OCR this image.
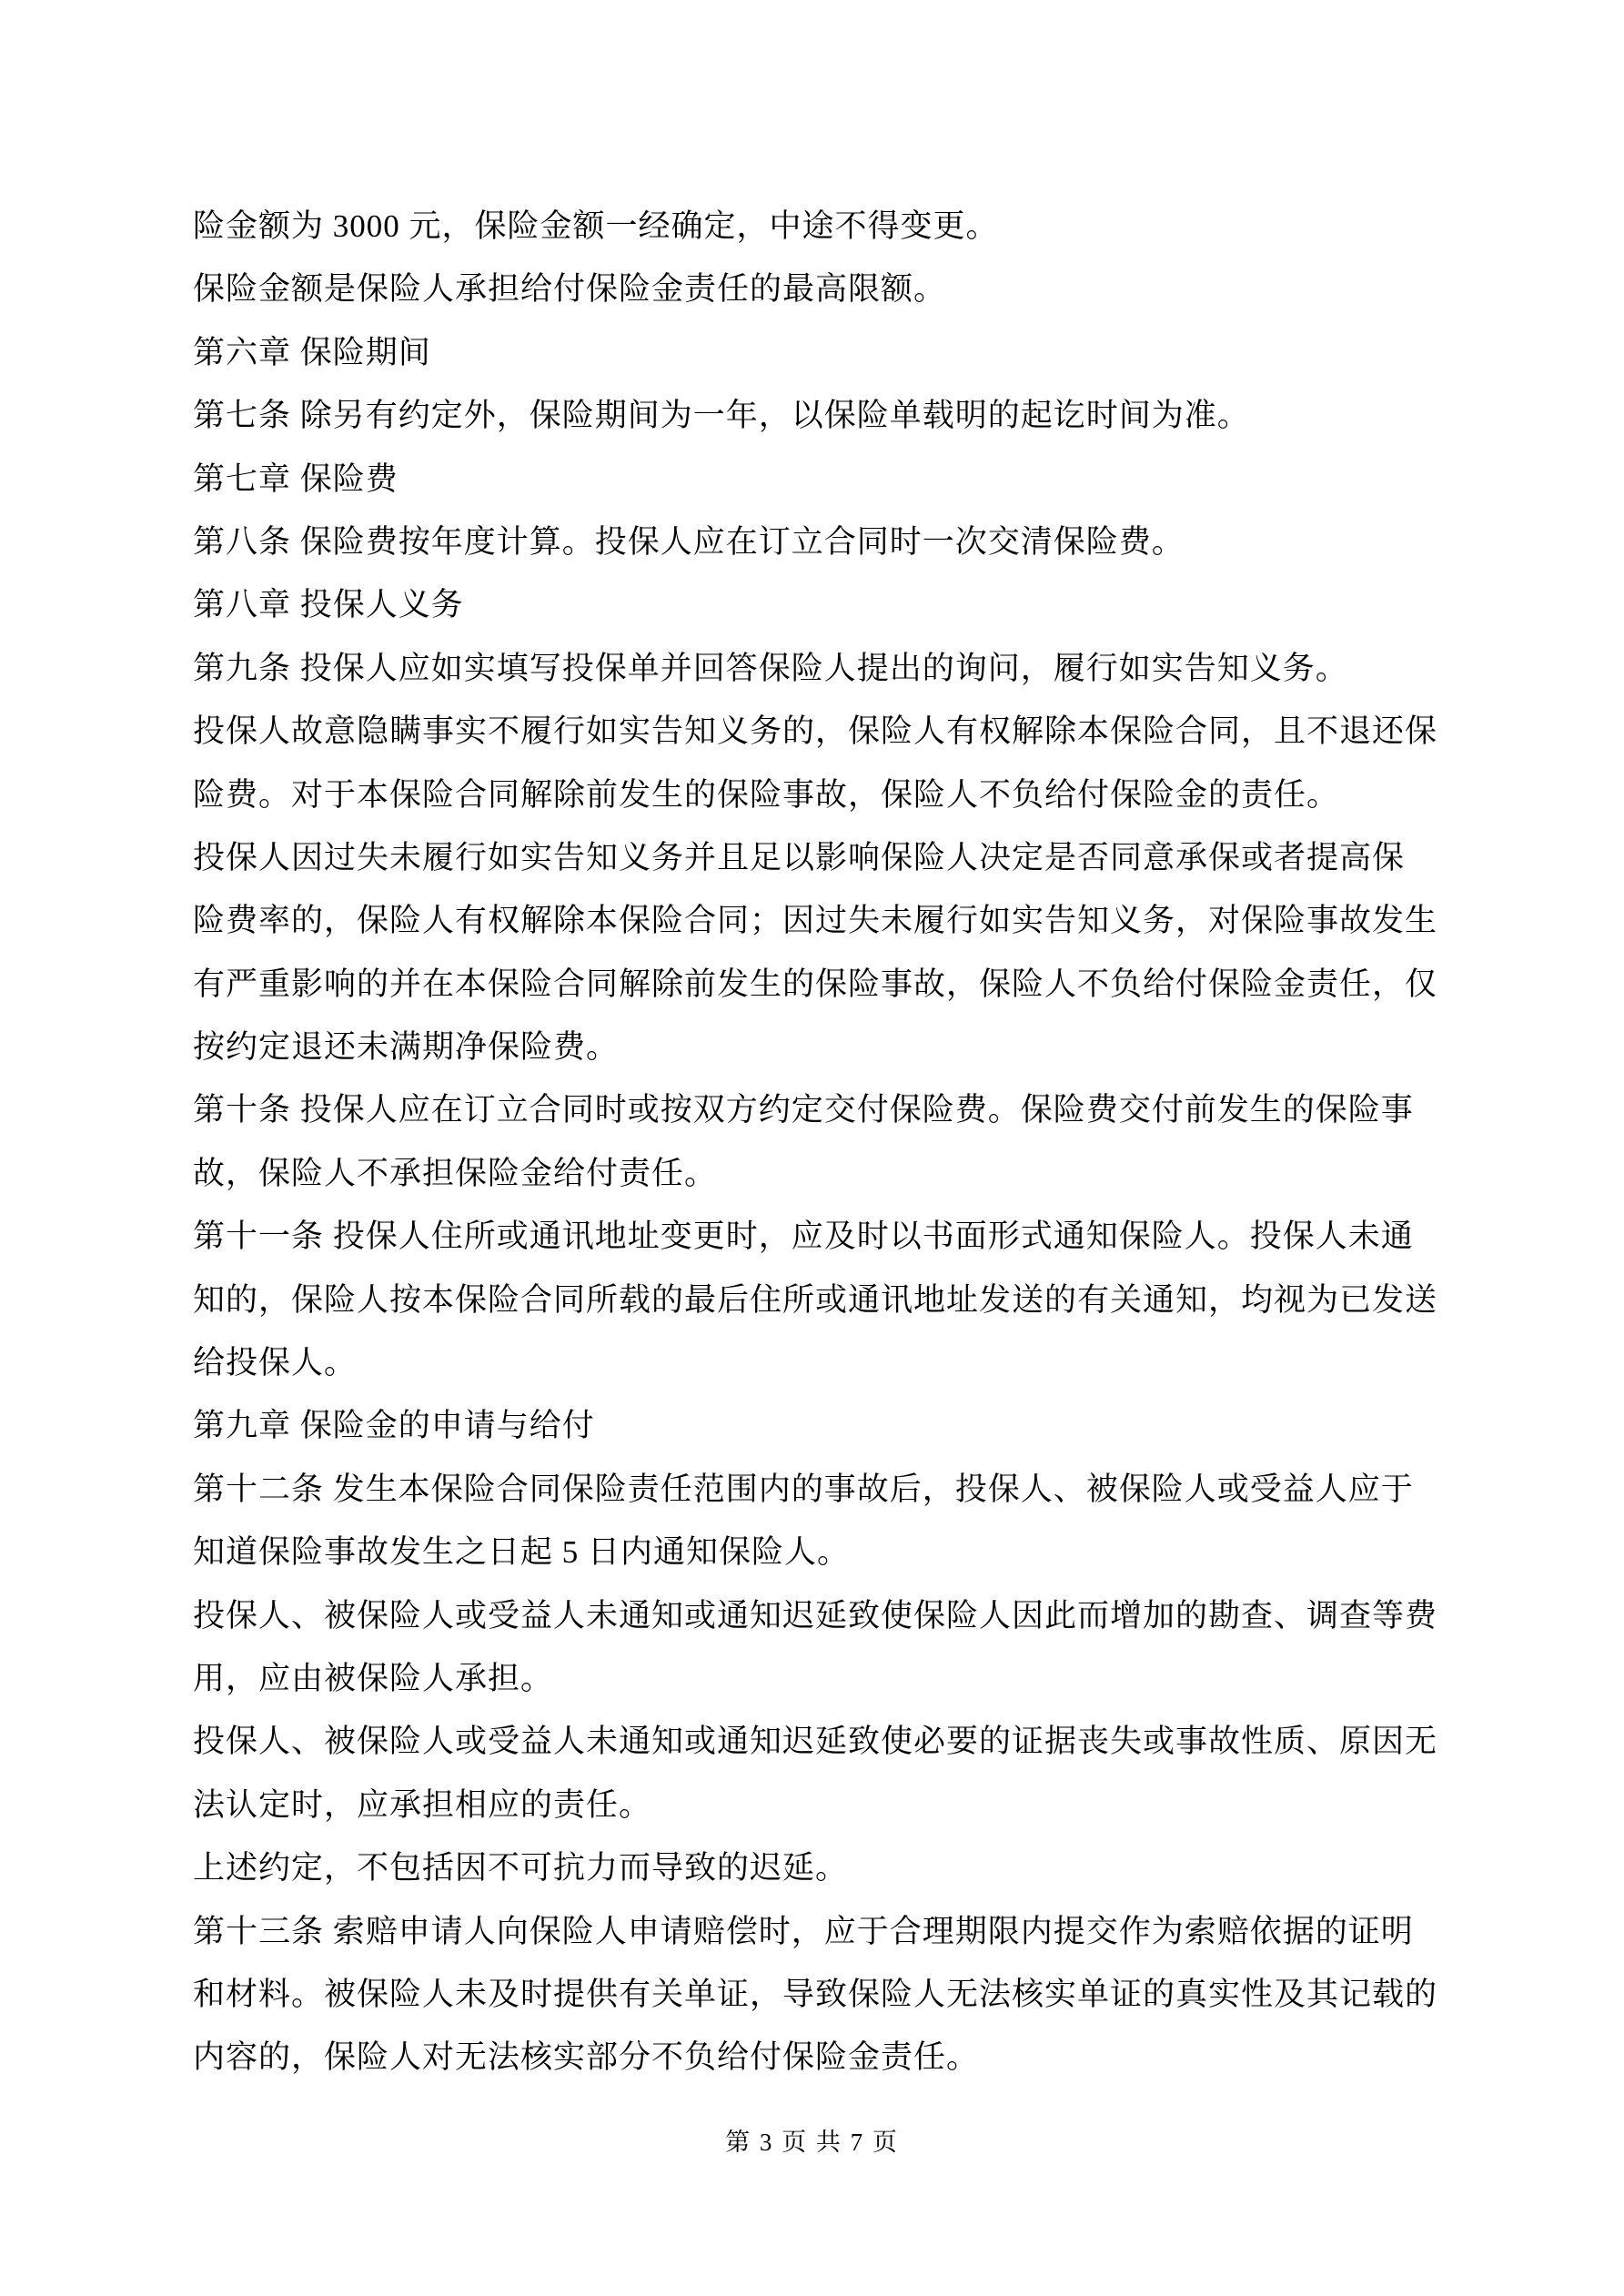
险金额为 3000 元，保险金额一经确定，中途不得变更。
保险金额是保险人承担给付保险金责任的最高限额。
第六章 保险期间
第七条 除另有约定外，保险期间为一年，以保险单载明的起讫时间为准。
第七章 保险费
第八条 保险费按年度计算。投保人应在订立合同时一次交清保险费。
第八章 投保人义务
第九条 投保人应如实填写投保单并回答保险人提出的询问，履行如实告知义务。
投保人故意隐瞒事实不履行如实告知义务的，保险人有权解除本保险合同，且不退还保
险费。对于本保险合同解除前发生的保险事故，保险人不负给付保险金的责任。
投保人因过失未履行如实告知义务并且足以影响保险人决定是否同意承保或者提高保
险费率的，保险人有权解除本保险合同；因过失未履行如实告知义务，对保险事故发生
有严重影响的并在本保险合同解除前发生的保险事故，保险人不负给付保险金责任，仅
按约定退还未满期净保险费。
第十条 投保人应在订立合同时或按双方约定交付保险费。保险费交付前发生的保险事
故，保险人不承担保险金给付责任。
第十一条 投保人住所或通讯地址变更时，应及时以书面形式通知保险人。投保人未通
知的，保险人按本保险合同所载的最后住所或通讯地址发送的有关通知，均视为已发送
给投保人。
第九章 保险金的申请与给付
第十二条 发生本保险合同保险责任范围内的事故后，投保人、被保险人或受益人应于
知道保险事故发生之日起 5 日内通知保险人。
投保人、被保险人或受益人未通知或通知迟延致使保险人因此而增加的勘查、调查等费
用，应由被保险人承担。
投保人、被保险人或受益人未通知或通知迟延致使必要的证据丧失或事故性质、原因无
法认定时，应承担相应的责任。
上述约定，不包括因不可抗力而导致的迟延。
第十三条 索赔申请人向保险人申请赔偿时，应于合理期限内提交作为索赔依据的证明
和材料。被保险人未及时提供有关单证，导致保险人无法核实单证的真实性及其记载的
内容的，保险人对无法核实部分不负给付保险金责任。
第 3 页 共 7 页
